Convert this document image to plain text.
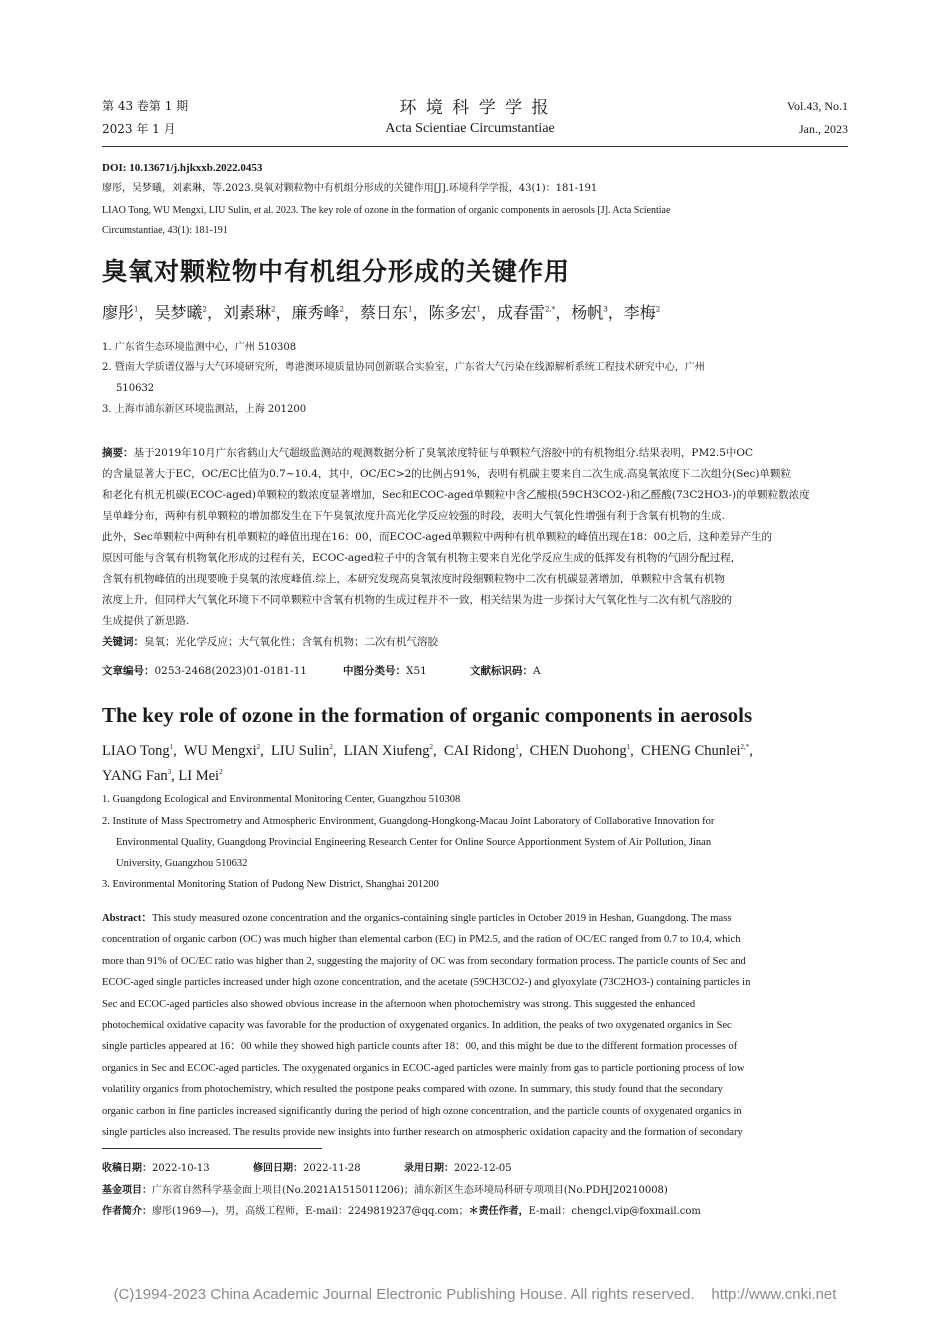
第 43 卷第 1 期
2023 年 1 月
环 境 科 学 学 报
Acta Scientiae Circumstantiae
Vol.43, No.1
Jan., 2023
DOI: 10.13671/j.hjkxxb.2022.0453
廖彤，吴梦曦，刘素琳，等.2023.臭氧对颗粒物中有机组分形成的关键作用[J].环境科学学报，43(1)：181-191
LIAO Tong, WU Mengxi, LIU Sulin, et al. 2023. The key role of ozone in the formation of organic components in aerosols [J]. Acta Scientiae
Circumstantiae, 43(1): 181-191
臭氧对颗粒物中有机组分形成的关键作用
廖彤$^1$，吴梦曦$^2$，刘素琳$^2$，廉秀峰$^2$，蔡日东$^1$，陈多宏$^1$，成春雷$^{2,*}$，杨帆$^3$，李梅$^2$
1. 广东省生态环境监测中心，广州 510308
2. 暨南大学质谱仪器与大气环境研究所，粤港澳环境质量协同创新联合实验室，广东省大气污染在线源解析系统工程技术研究中心，广州
510632
3. 上海市浦东新区环境监测站，上海 201200
摘要：基于2019年10月广东省鹤山大气超级监测站的观测数据分析了臭氧浓度特征与单颗粒气溶胶中的有机物组分.结果表明，PM2.5中OC
的含量显著大于EC，OC/EC比值为0.7~10.4，其中，OC/EC>2的比例占91%，表明有机碳主要来自二次生成.高臭氧浓度下二次组分(Sec)单颗粒
和老化有机无机碳(ECOC-aged)单颗粒的数浓度显著增加，Sec和ECOC-aged单颗粒中含乙酸根(59CH3CO2-)和乙醛酸(73C2HO3-)的单颗粒数浓度
呈单峰分布，两种有机单颗粒的增加都发生在下午臭氧浓度升高光化学反应较强的时段，表明大气氧化性增强有利于含氧有机物的生成.
此外，Sec单颗粒中两种有机单颗粒的峰值出现在16：00，而ECOC-aged单颗粒中两种有机单颗粒的峰值出现在18：00之后，这种差异产生的
原因可能与含氧有机物氧化形成的过程有关，ECOC-aged粒子中的含氧有机物主要来自光化学反应生成的低挥发有机物的气固分配过程，
含氧有机物峰值的出现要晚于臭氧的浓度峰值.综上，本研究发现高臭氧浓度时段细颗粒物中二次有机碳显著增加，单颗粒中含氧有机物
浓度上升，但同样大气氧化环境下不同单颗粒中含氧有机物的生成过程并不一致，相关结果为进一步探讨大气氧化性与二次有机气溶胶的
生成提供了新思路.
关键词：臭氧；光化学反应；大气氧化性；含氧有机物；二次有机气溶胶
文章编号：0253-2468(2023)01-0181-11	中图分类号：X51	文献标识码：A
The key role of ozone in the formation of organic components in aerosols
LIAO Tong$^1$,  WU Mengxi$^2$,  LIU Sulin$^2$,  LIAN Xiufeng$^2$,  CAI Ridong$^1$,  CHEN Duohong$^1$,  CHENG Chunlei$^{2,*}$,
YANG Fan$^3$, LI Mei$^2$
1. Guangdong Ecological and Environmental Monitoring Center, Guangzhou 510308
2. Institute of Mass Spectrometry and Atmospheric Environment, Guangdong-Hongkong-Macau Joint Laboratory of Collaborative Innovation for
Environmental Quality, Guangdong Provincial Engineering Research Center for Online Source Apportionment System of Air Pollution, Jinan
University, Guangzhou 510632
3. Environmental Monitoring Station of Pudong New District, Shanghai 201200
Abstract：This study measured ozone concentration and the organics-containing single particles in October 2019 in Heshan, Guangdong. The mass
concentration of organic carbon (OC) was much higher than elemental carbon (EC) in PM2.5, and the ration of OC/EC ranged from 0.7 to 10.4, which
more than 91% of OC/EC ratio was higher than 2, suggesting the majority of OC was from secondary formation process. The particle counts of Sec and
ECOC-aged single particles increased under high ozone concentration, and the acetate (59CH3CO2-) and glyoxylate (73C2HO3-) containing particles in
Sec and ECOC-aged particles also showed obvious increase in the afternoon when photochemistry was strong. This suggested the enhanced
photochemical oxidative capacity was favorable for the production of oxygenated organics. In addition, the peaks of two oxygenated organics in Sec
single particles appeared at 16：00 while they showed high particle counts after 18：00, and this might be due to the different formation processes of
organics in Sec and ECOC-aged particles. The oxygenated organics in ECOC-aged particles were mainly from gas to particle portioning process of low
volatility organics from photochemistry, which resulted the postpone peaks compared with ozone. In summary, this study found that the secondary
organic carbon in fine particles increased significantly during the period of high ozone concentration, and the particle counts of oxygenated organics in
single particles also increased. The results provide new insights into further research on atmospheric oxidation capacity and the formation of secondary
收稿日期：2022-10-13	修回日期：2022-11-28	录用日期：2022-12-05
基金项目：广东省自然科学基金面上项目(No.2021A1515011206)；浦东新区生态环境局科研专项项目(No.PDHJ20210008)
作者简介：廖彤(1969—)，男，高级工程师，E-mail：2249819237@qq.com；＊责任作者，E-mail：chengcl.vip@foxmail.com
(C)1994-2023 China Academic Journal Electronic Publishing House. All rights reserved.    http://www.cnki.net
